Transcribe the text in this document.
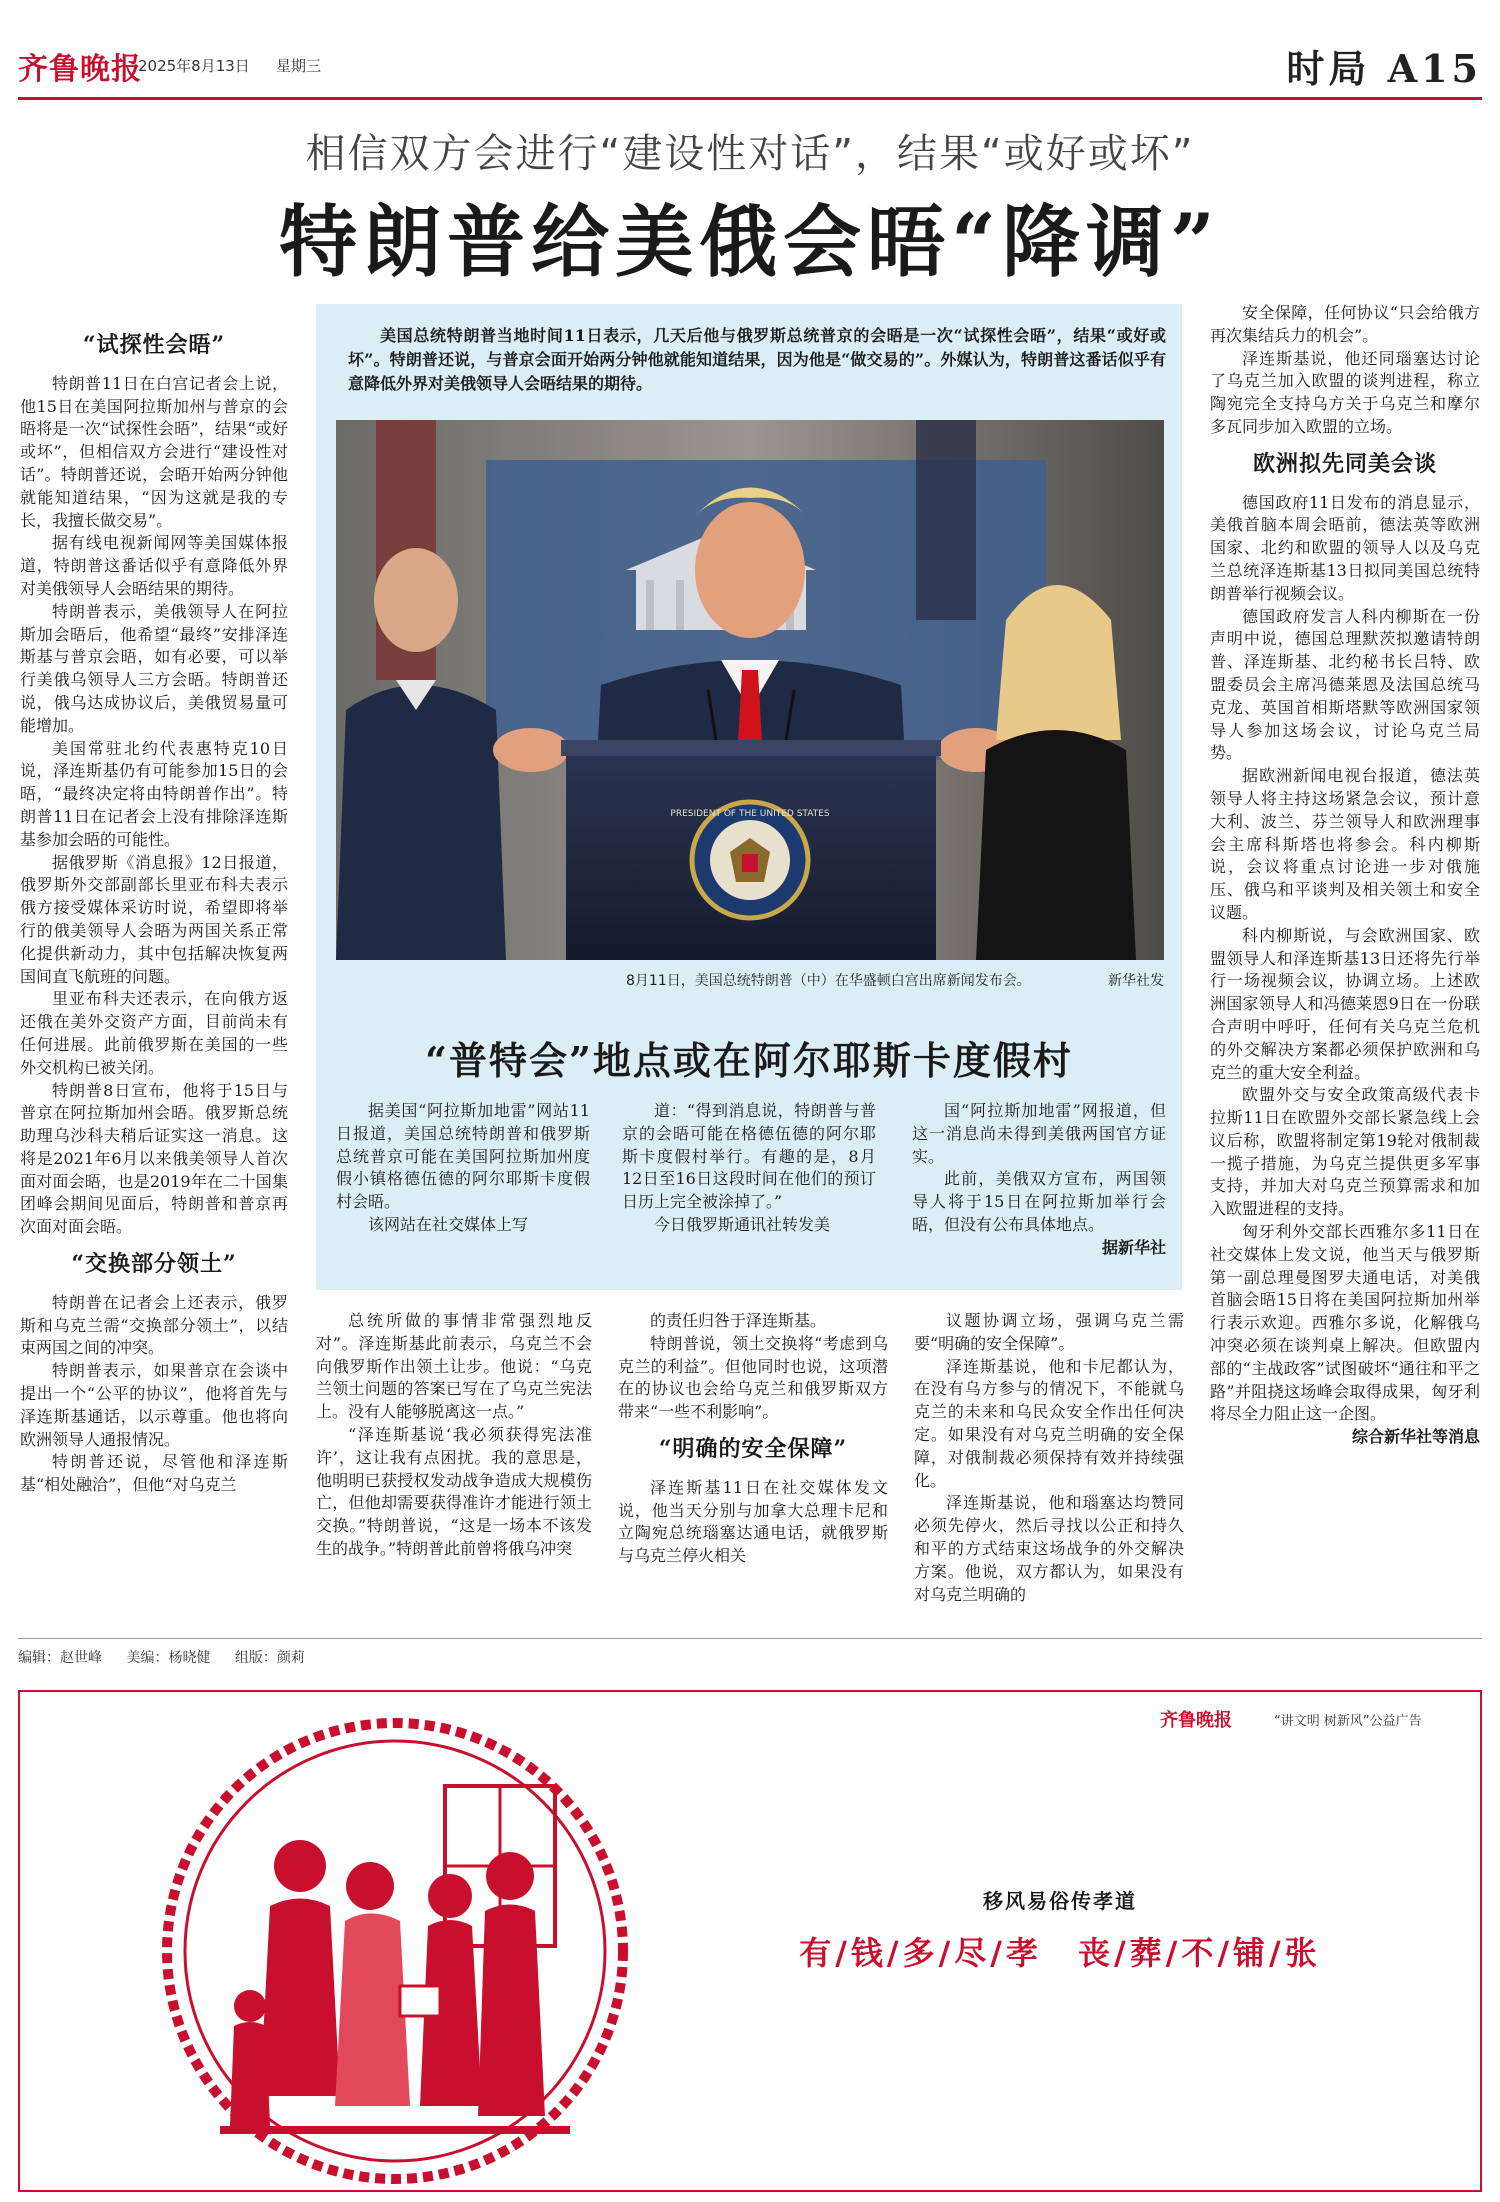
齐鲁晚报
2025年8月13日 星期三	时局 A15
相信双方会进行“建设性对话”，结果“或好或坏”
特朗普给美俄会晤“降调”
“试探性会晤”

特朗普11日在白宫记者会上说，他15日在美国阿拉斯加州与普京的会晤将是一次“试探性会晤”，结果“或好或坏”，但相信双方会进行“建设性对话”。特朗普还说，会晤开始两分钟他就能知道结果，“因为这就是我的专长，我擅长做交易”。

据有线电视新闻网等美国媒体报道，特朗普这番话似乎有意降低外界对美俄领导人会晤结果的期待。

特朗普表示，美俄领导人在阿拉斯加会晤后，他希望“最终”安排泽连斯基与普京会晤，如有必要，可以举行美俄乌领导人三方会晤。特朗普还说，俄乌达成协议后，美俄贸易量可能增加。

美国常驻北约代表惠特克10日说，泽连斯基仍有可能参加15日的会晤，“最终决定将由特朗普作出”。特朗普11日在记者会上没有排除泽连斯基参加会晤的可能性。

据俄罗斯《消息报》12日报道，俄罗斯外交部副部长里亚布科夫表示俄方接受媒体采访时说，希望即将举行的俄美领导人会晤为两国关系正常化提供新动力，其中包括解决恢复两国间直飞航班的问题。

里亚布科夫还表示，在向俄方返还俄在美外交资产方面，目前尚未有任何进展。此前俄罗斯在美国的一些外交机构已被关闭。

特朗普8日宣布，他将于15日与普京在阿拉斯加州会晤。俄罗斯总统助理乌沙科夫稍后证实这一消息。这将是2021年6月以来俄美领导人首次面对面会晤，也是2019年在二十国集团峰会期间见面后，特朗普和普京再次面对面会晤。

“交换部分领土”

特朗普在记者会上还表示，俄罗斯和乌克兰需“交换部分领土”，以结束两国之间的冲突。

特朗普表示，如果普京在会谈中提出一个“公平的协议”，他将首先与泽连斯基通话，以示尊重。他也将向欧洲领导人通报情况。

特朗普还说，尽管他和泽连斯基“相处融洽”，但他“对乌克兰

美国总统特朗普当地时间11日表示，几天后他与俄罗斯总统普京的会晤是一次“试探性会晤”，结果“或好或坏”。特朗普还说，与普京会面开始两分钟他就能知道结果，因为他是“做交易的”。外媒认为，特朗普这番话似乎有意降低外界对美俄领导人会晤结果的期待。
PRESIDENT OF THE UNITED STATES
8月11日，美国总统特朗普（中）在华盛顿白宫出席新闻发布会。	新华社发
“普特会”地点或在阿尔耶斯卡度假村

据美国“阿拉斯加地雷”网站11日报道，美国总统特朗普和俄罗斯总统普京可能在美国阿拉斯加州度假小镇格德伍德的阿尔耶斯卡度假村会晤。

该网站在社交媒体上写

道：“得到消息说，特朗普与普京的会晤可能在格德伍德的阿尔耶斯卡度假村举行。有趣的是，8月12日至16日这段时间在他们的预订日历上完全被涂掉了。”

今日俄罗斯通讯社转发美

国“阿拉斯加地雷”网报道，但这一消息尚未得到美俄两国官方证实。

此前，美俄双方宣布，两国领导人将于15日在阿拉斯加举行会晤，但没有公布具体地点。

据新华社

总统所做的事情非常强烈地反对”。泽连斯基此前表示，乌克兰不会向俄罗斯作出领土让步。他说：“乌克兰领土问题的答案已写在了乌克兰宪法上。没有人能够脱离这一点。”

“泽连斯基说‘我必须获得宪法准许’，这让我有点困扰。我的意思是，他明明已获授权发动战争造成大规模伤亡，但他却需要获得准许才能进行领土交换。”特朗普说，“这是一场本不该发生的战争。”特朗普此前曾将俄乌冲突

的责任归咎于泽连斯基。

特朗普说，领土交换将“考虑到乌克兰的利益”。但他同时也说，这项潜在的协议也会给乌克兰和俄罗斯双方带来“一些不利影响”。

“明确的安全保障”

泽连斯基11日在社交媒体发文说，他当天分别与加拿大总理卡尼和立陶宛总统瑙塞达通电话，就俄罗斯与乌克兰停火相关

议题协调立场，强调乌克兰需要“明确的安全保障”。

泽连斯基说，他和卡尼都认为，在没有乌方参与的情况下，不能就乌克兰的未来和乌民众安全作出任何决定。如果没有对乌克兰明确的安全保障，对俄制裁必须保持有效并持续强化。

泽连斯基说，他和瑙塞达均赞同必须先停火，然后寻找以公正和持久和平的方式结束这场战争的外交解决方案。他说，双方都认为，如果没有对乌克兰明确的

安全保障，任何协议“只会给俄方再次集结兵力的机会”。

泽连斯基说，他还同瑙塞达讨论了乌克兰加入欧盟的谈判进程，称立陶宛完全支持乌方关于乌克兰和摩尔多瓦同步加入欧盟的立场。

欧洲拟先同美会谈

德国政府11日发布的消息显示，美俄首脑本周会晤前，德法英等欧洲国家、北约和欧盟的领导人以及乌克兰总统泽连斯基13日拟同美国总统特朗普举行视频会议。

德国政府发言人科内柳斯在一份声明中说，德国总理默茨拟邀请特朗普、泽连斯基、北约秘书长吕特、欧盟委员会主席冯德莱恩及法国总统马克龙、英国首相斯塔默等欧洲国家领导人参加这场会议，讨论乌克兰局势。

据欧洲新闻电视台报道，德法英领导人将主持这场紧急会议，预计意大利、波兰、芬兰领导人和欧洲理事会主席科斯塔也将参会。科内柳斯说，会议将重点讨论进一步对俄施压、俄乌和平谈判及相关领土和安全议题。

科内柳斯说，与会欧洲国家、欧盟领导人和泽连斯基13日还将先行举行一场视频会议，协调立场。上述欧洲国家领导人和冯德莱恩9日在一份联合声明中呼吁，任何有关乌克兰危机的外交解决方案都必须保护欧洲和乌克兰的重大安全利益。

欧盟外交与安全政策高级代表卡拉斯11日在欧盟外交部长紧急线上会议后称，欧盟将制定第19轮对俄制裁一揽子措施，为乌克兰提供更多军事支持，并加大对乌克兰预算需求和加入欧盟进程的支持。

匈牙利外交部长西雅尔多11日在社交媒体上发文说，他当天与俄罗斯第一副总理曼图罗夫通电话，对美俄首脑会晤15日将在美国阿拉斯加州举行表示欢迎。西雅尔多说，化解俄乌冲突必须在谈判桌上解决。但欧盟内部的“主战政客”试图破坏“通往和平之路”并阻挠这场峰会取得成果，匈牙利将尽全力阻止这一企图。

综合新华社等消息

编辑：赵世峰 美编：杨晓健 组版：颜莉
齐鲁晚报	“讲文明 树新风”公益广告
移风易俗传孝道
有/钱/多/尽/孝　丧/葬/不/铺/张
